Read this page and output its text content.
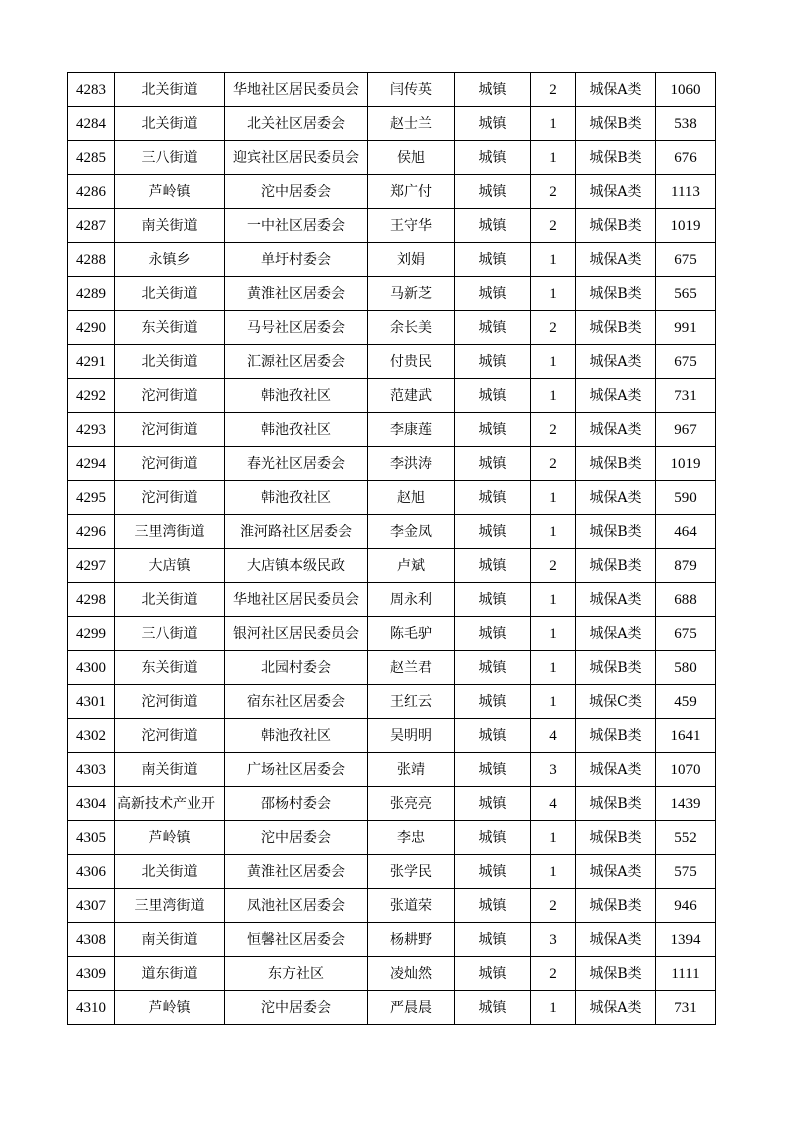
4283	北关街道	华地社区居民委员会	闫传英	城镇	2	城保A类	1060
4284	北关街道	北关社区居委会	赵士兰	城镇	1	城保B类	538
4285	三八街道	迎宾社区居民委员会	侯旭	城镇	1	城保B类	676
4286	芦岭镇	沱中居委会	郑广付	城镇	2	城保A类	1113
4287	南关街道	一中社区居委会	王守华	城镇	2	城保B类	1019
4288	永镇乡	单圩村委会	刘娟	城镇	1	城保A类	675
4289	北关街道	黄淮社区居委会	马新芝	城镇	1	城保B类	565
4290	东关街道	马号社区居委会	余长美	城镇	2	城保B类	991
4291	北关街道	汇源社区居委会	付贵民	城镇	1	城保A类	675
4292	沱河街道	韩池孜社区	范建武	城镇	1	城保A类	731
4293	沱河街道	韩池孜社区	李康莲	城镇	2	城保A类	967
4294	沱河街道	春光社区居委会	李洪涛	城镇	2	城保B类	1019
4295	沱河街道	韩池孜社区	赵旭	城镇	1	城保A类	590
4296	三里湾街道	淮河路社区居委会	李金凤	城镇	1	城保B类	464
4297	大店镇	大店镇本级民政	卢斌	城镇	2	城保B类	879
4298	北关街道	华地社区居民委员会	周永利	城镇	1	城保A类	688
4299	三八街道	银河社区居民委员会	陈毛驴	城镇	1	城保A类	675
4300	东关街道	北园村委会	赵兰君	城镇	1	城保B类	580
4301	沱河街道	宿东社区居委会	王红云	城镇	1	城保C类	459
4302	沱河街道	韩池孜社区	吴明明	城镇	4	城保B类	1641
4303	南关街道	广场社区居委会	张靖	城镇	3	城保A类	1070
4304	高新技术产业开	邵杨村委会	张亮亮	城镇	4	城保B类	1439
4305	芦岭镇	沱中居委会	李忠	城镇	1	城保B类	552
4306	北关街道	黄淮社区居委会	张学民	城镇	1	城保A类	575
4307	三里湾街道	凤池社区居委会	张道荣	城镇	2	城保B类	946
4308	南关街道	恒馨社区居委会	杨耕野	城镇	3	城保A类	1394
4309	道东街道	东方社区	凌灿然	城镇	2	城保B类	1111
4310	芦岭镇	沱中居委会	严晨晨	城镇	1	城保A类	731
